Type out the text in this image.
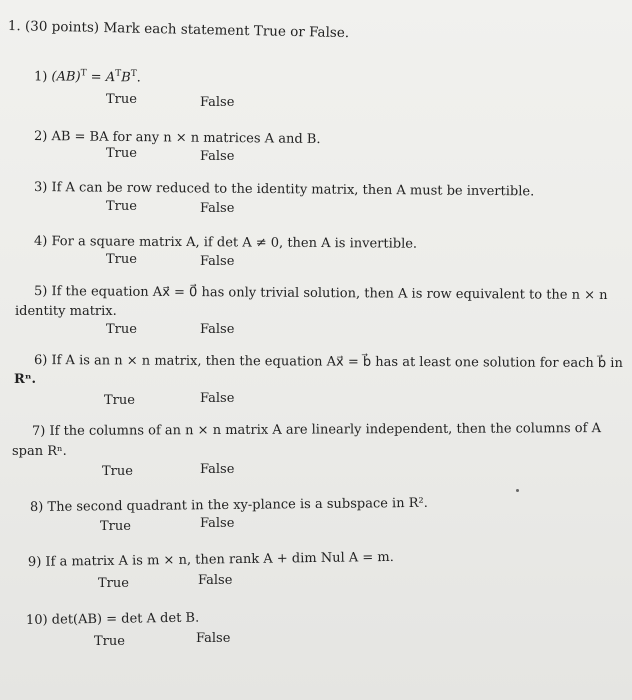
1. (30 points) Mark each statement True or False.
1) $(AB)^T = A^TB^T$.
True	False
2) AB = BA for any n × n matrices A and B.
True	False
3) If A can be row reduced to the identity matrix, then A must be invertible.
True	False
4) For a square matrix A, if det A ≠ 0, then A is invertible.
True	False
5) If the equation Ax⃗ = 0⃗ has only trivial solution, then A is row equivalent to the n × n
identity matrix.
True	False
6) If A is an n × n matrix, then the equation Ax⃗ = b⃗ has at least one solution for each b⃗ in
Rⁿ.
True	False
7) If the columns of an n × n matrix A are linearly independent, then the columns of A
span Rⁿ.
True	False
8) The second quadrant in the xy-plance is a subspace in R².
True	False
9) If a matrix A is m × n, then rank A + dim Nul A = m.
True	False
10) det(AB) = det A det B.
True	False
